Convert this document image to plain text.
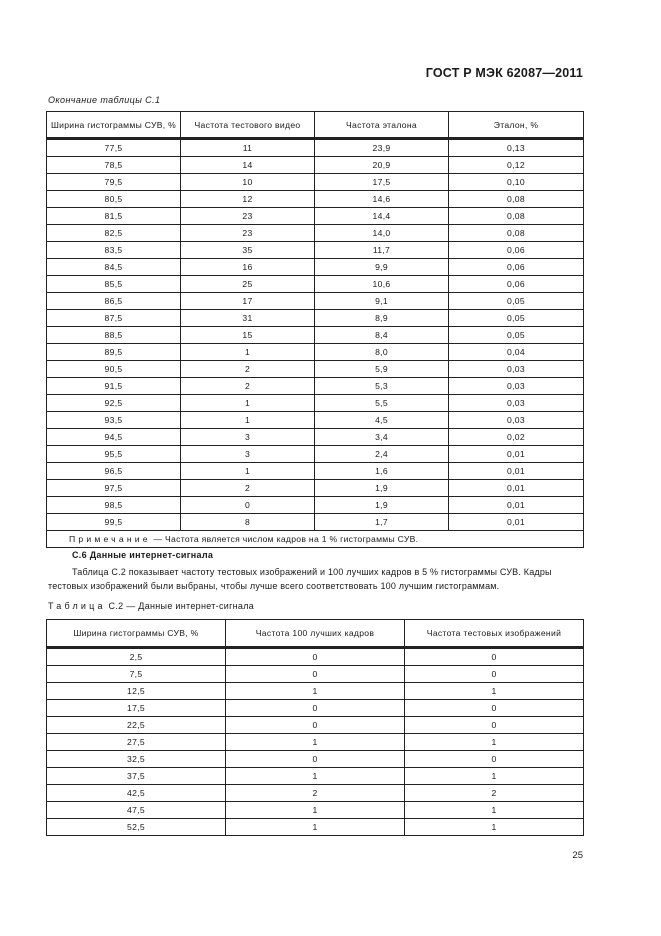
ГОСТ Р МЭК 62087—2011
Окончание таблицы С.1
Ширина гистограммы СУВ, %	Частота тестового видео	Частота эталона	Эталон, %

77,5	11	23,9	0,13
78,5	14	20,9	0,12
79,5	10	17,5	0,10
80,5	12	14,6	0,08
81,5	23	14,4	0,08
82,5	23	14,0	0,08
83,5	35	11,7	0,06
84,5	16	9,9	0,06
85,5	25	10,6	0,06
86,5	17	9,1	0,05
87,5	31	8,9	0,05
88,5	15	8,4	0,05
89,5	1	8,0	0,04
90,5	2	5,9	0,03
91,5	2	5,3	0,03
92,5	1	5,5	0,03
93,5	1	4,5	0,03
94,5	3	3,4	0,02
95,5	3	2,4	0,01
96,5	1	1,6	0,01
97,5	2	1,9	0,01
98,5	0	1,9	0,01
99,5	8	1,7	0,01
Примечание — Частота является числом кадров на 1 % гистограммы СУВ.			
С.6 Данные интернет-сигнала
Таблица С.2 показывает частоту тестовых изображений и 100 лучших кадров в 5 % гистограммы СУВ. Кадры тестовых изображений были выбраны, чтобы лучше всего соответствовать 100 лучшим гистограммам.
Таблица С.2 — Данные интернет-сигнала
Ширина гистограммы СУВ, %	Частота 100 лучших кадров	Частота тестовых изображений

2,5	0	0
7,5	0	0
12,5	1	1
17,5	0	0
22,5	0	0
27,5	1	1
32,5	0	0
37,5	1	1
42,5	2	2
47,5	1	1
52,5	1	1
25
